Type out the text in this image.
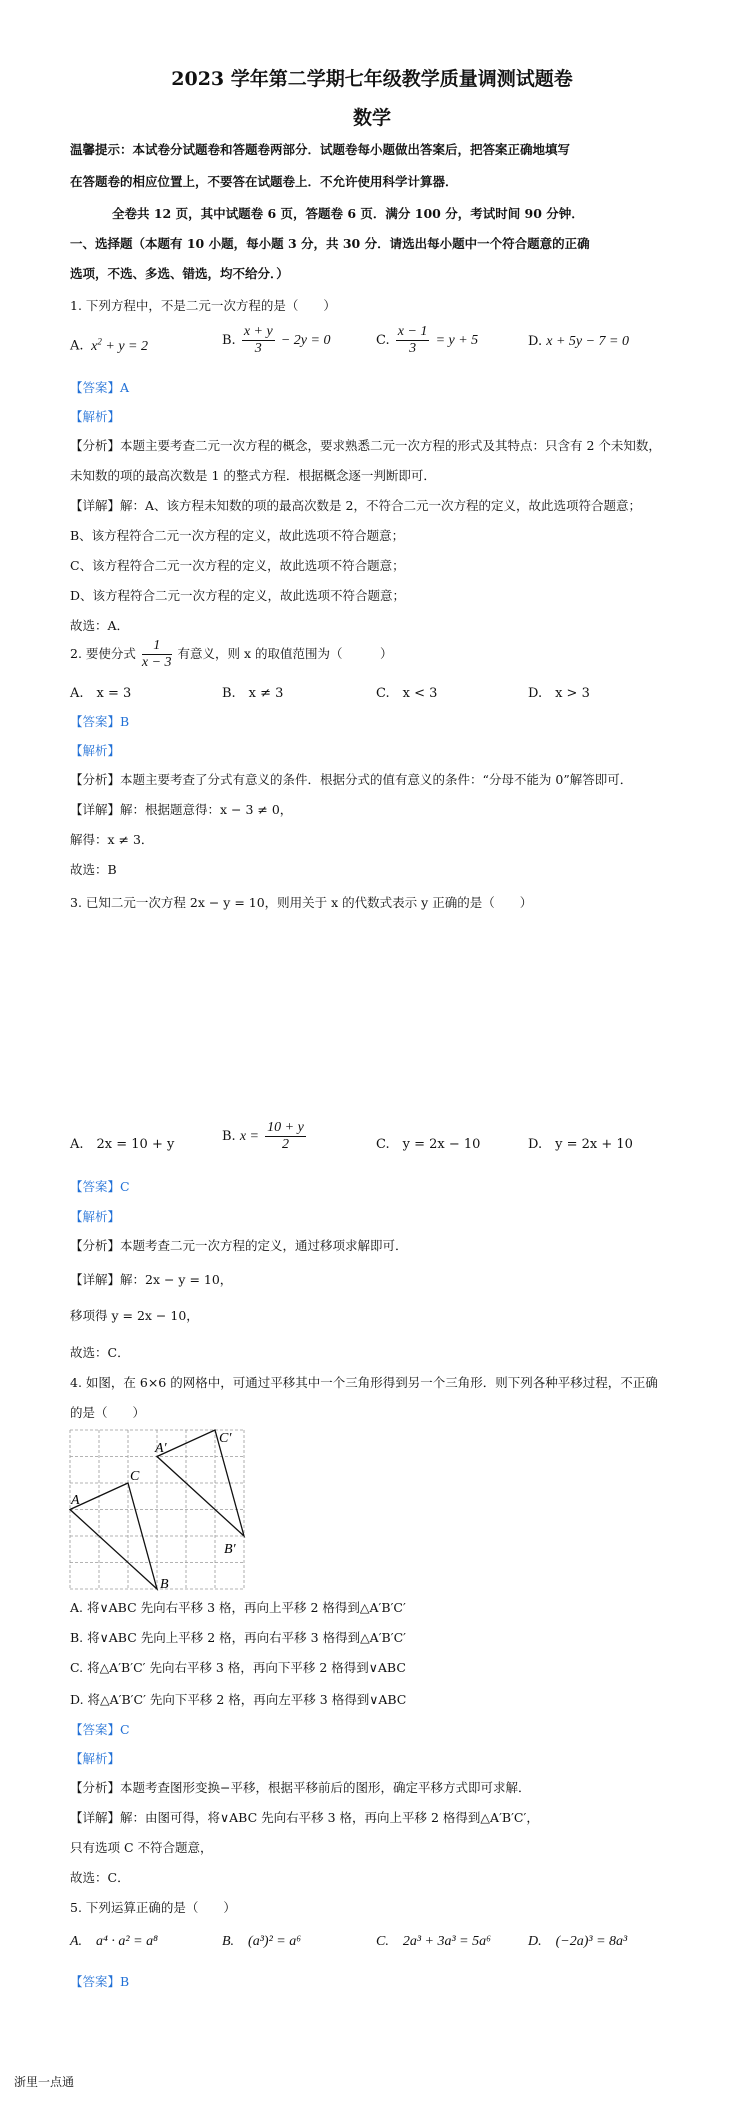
2023 学年第二学期七年级教学质量调测试题卷
数学
温馨提示：本试卷分试题卷和答题卷两部分．试题卷每小题做出答案后，把答案正确地填写
在答题卷的相应位置上，不要答在试题卷上．不允许使用科学计算器．
全卷共 12 页，其中试题卷 6 页，答题卷 6 页．满分 100 分，考试时间 90 分钟．
一、选择题（本题有 10 小题，每小题 3 分，共 30 分．请选出每小题中一个符合题意的正确
选项，不选、多选、错选，均不给分．）
1. 下列方程中，不是二元一次方程的是（　　）
A. $x^2 + y = 2$	B. $\frac{x + y}{3} - 2y = 0$	C. $\frac{x - 1}{3} = y + 5$	D. x + 5y − 7 = 0
【答案】A
【解析】
【分析】本题主要考查二元一次方程的概念，要求熟悉二元一次方程的形式及其特点：只含有 2 个未知数，
未知数的项的最高次数是 1 的整式方程．根据概念逐一判断即可．
【详解】解：A、该方程未知数的项的最高次数是 2，不符合二元一次方程的定义，故此选项符合题意；
B、该方程符合二元一次方程的定义，故此选项不符合题意；
C、该方程符合二元一次方程的定义，故此选项不符合题意；
D、该方程符合二元一次方程的定义，故此选项不符合题意；
故选：A．
2. 要使分式 $\frac{1}{x - 3}$ 有意义，则 x 的取值范围为（　　　）
A.　x = 3	B.　x ≠ 3	C.　x < 3	D.　x > 3
【答案】B
【解析】
【分析】本题主要考查了分式有意义的条件．根据分式的值有意义的条件：“分母不能为 0”解答即可．
【详解】解：根据题意得：x − 3 ≠ 0，
解得：x ≠ 3．
故选：B
3. 已知二元一次方程 2x − y = 10，则用关于 x 的代数式表示 y 正确的是（　　）
A.　2x = 10 + y
B. $x = \frac{10 + y}{2}$	C.　y = 2x − 10	D.　y = 2x + 10
【答案】C
【解析】
【分析】本题考查二元一次方程的定义，通过移项求解即可．
【详解】解：2x − y = 10，
移项得 y = 2x − 10，
故选：C．
4. 如图，在 6×6 的网格中，可通过平移其中一个三角形得到另一个三角形．则下列各种平移过程，不正确
的是（　　）
A
C
B
A′
C′
B′
A. 将∨ABC 先向右平移 3 格，再向上平移 2 格得到△A′B′C′
B. 将∨ABC 先向上平移 2 格，再向右平移 3 格得到△A′B′C′
C. 将△A′B′C′ 先向右平移 3 格，再向下平移 2 格得到∨ABC
D. 将△A′B′C′ 先向下平移 2 格，再向左平移 3 格得到∨ABC
【答案】C
【解析】
【分析】本题考查图形变换−平移，根据平移前后的图形，确定平移方式即可求解．
【详解】解：由图可得，将∨ABC 先向右平移 3 格，再向上平移 2 格得到△A′B′C′，
只有选项 C 不符合题意，
故选：C．
5. 下列运算正确的是（　　）
A.　a⁴ · a² = a⁸	B.　(a³)² = a⁶	C.　2a³ + 3a³ = 5a⁶	D.　(−2a)³ = 8a³
【答案】B
浙里一点通
